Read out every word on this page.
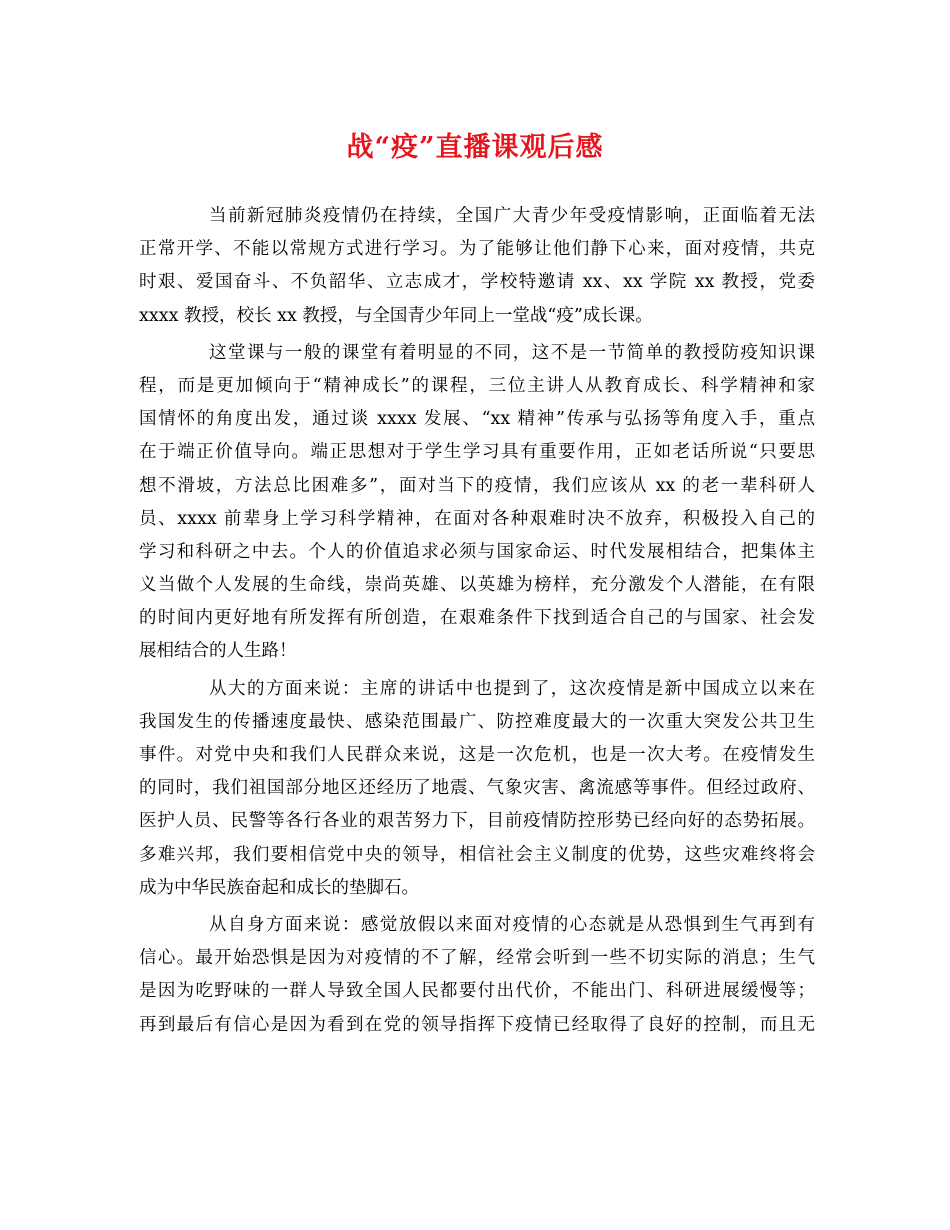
战“疫”直播课观后感
当前新冠肺炎疫情仍在持续，全国广大青少年受疫情影响，正面临着无法
正常开学、不能以常规方式进行学习。为了能够让他们静下心来，面对疫情，共克
时艰、爱国奋斗、不负韶华、立志成才，学校特邀请 xx、xx 学院 xx 教授，党委
xxxx 教授，校长 xx 教授，与全国青少年同上一堂战“疫”成长课。
这堂课与一般的课堂有着明显的不同，这不是一节简单的教授防疫知识课
程，而是更加倾向于“精神成长”的课程，三位主讲人从教育成长、科学精神和家
国情怀的角度出发，通过谈 xxxx 发展、“xx 精神”传承与弘扬等角度入手，重点
在于端正价值导向。端正思想对于学生学习具有重要作用，正如老话所说“只要思
想不滑坡，方法总比困难多”，面对当下的疫情，我们应该从 xx 的老一辈科研人
员、xxxx 前辈身上学习科学精神，在面对各种艰难时决不放弃，积极投入自己的
学习和科研之中去。个人的价值追求必须与国家命运、时代发展相结合，把集体主
义当做个人发展的生命线，崇尚英雄、以英雄为榜样，充分激发个人潜能，在有限
的时间内更好地有所发挥有所创造，在艰难条件下找到适合自己的与国家、社会发
展相结合的人生路！
从大的方面来说：主席的讲话中也提到了，这次疫情是新中国成立以来在
我国发生的传播速度最快、感染范围最广、防控难度最大的一次重大突发公共卫生
事件。对党中央和我们人民群众来说，这是一次危机，也是一次大考。在疫情发生
的同时，我们祖国部分地区还经历了地震、气象灾害、禽流感等事件。但经过政府、
医护人员、民警等各行各业的艰苦努力下，目前疫情防控形势已经向好的态势拓展。
多难兴邦，我们要相信党中央的领导，相信社会主义制度的优势，这些灾难终将会
成为中华民族奋起和成长的垫脚石。
从自身方面来说：感觉放假以来面对疫情的心态就是从恐惧到生气再到有
信心。最开始恐惧是因为对疫情的不了解，经常会听到一些不切实际的消息；生气
是因为吃野味的一群人导致全国人民都要付出代价，不能出门、科研进展缓慢等；
再到最后有信心是因为看到在党的领导指挥下疫情已经取得了良好的控制，而且无
